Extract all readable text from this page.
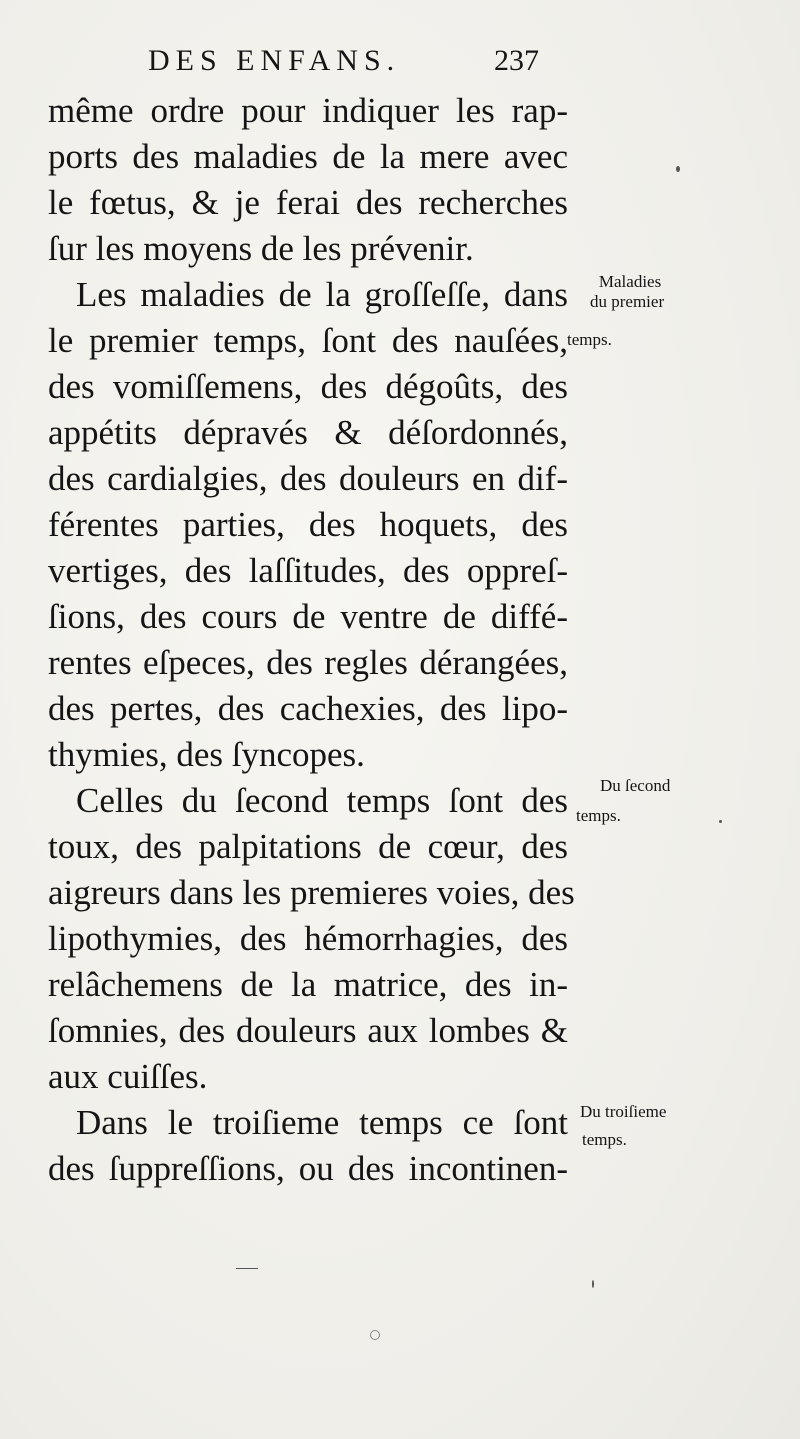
DES ENFANS.	237
même ordre pour indiquer les rap-
ports des maladies de la mere avec
le fœtus, & je ferai des recherches
ſur les moyens de les prévenir.
Les maladies de la groſſeſſe, dans
le premier temps, ſont des nauſées,
des vomiſſemens, des dégoûts, des
appétits dépravés & déſordonnés,
des cardialgies, des douleurs en dif-
férentes parties, des hoquets, des
vertiges, des laſſitudes, des oppreſ-
ſions, des cours de ventre de diffé-
rentes eſpeces, des regles dérangées,
des pertes, des cachexies, des lipo-
thymies, des ſyncopes.
Celles du ſecond temps ſont des
toux, des palpitations de cœur, des
aigreurs dans les premieres voies, des
lipothymies, des hémorrhagies, des
relâchemens de la matrice, des in-
ſomnies, des douleurs aux lombes &
aux cuiſſes.
Dans le troiſieme temps ce ſont
des ſuppreſſions, ou des incontinen-
Maladies
du premier
temps.
Du ſecond
temps.
Du troiſieme
temps.
